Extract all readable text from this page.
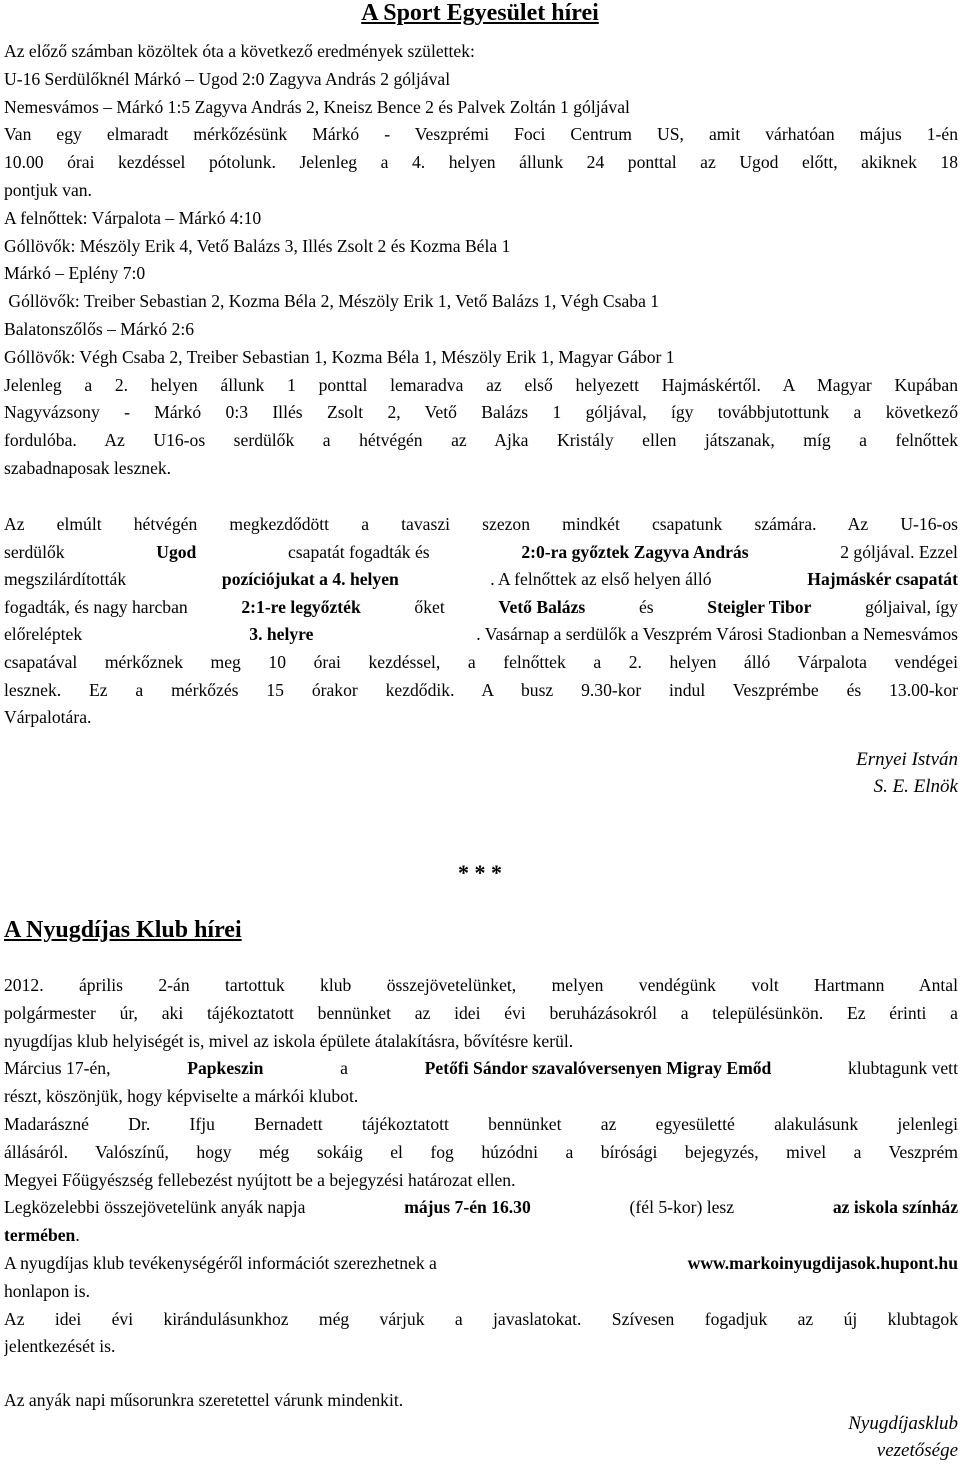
A Sport Egyesület hírei
Az előző számban közöltek óta a következő eredmények születtek:
U-16 Serdülőknél Márkó – Ugod 2:0 Zagyva András 2 góljával
Nemesvámos – Márkó 1:5 Zagyva András 2, Kneisz Bence 2 és Palvek Zoltán 1 góljával
Van egy elmaradt mérkőzésünk Márkó - Veszprémi Foci Centrum US, amit várhatóan május 1-én
10.00 órai kezdéssel pótolunk. Jelenleg a 4. helyen állunk 24 ponttal az Ugod előtt, akiknek 18
pontjuk van.
A felnőttek: Várpalota – Márkó 4:10
Góllövők: Mészöly Erik 4, Vető Balázs 3, Illés Zsolt 2 és Kozma Béla 1
Márkó – Eplény 7:0
Góllövők: Treiber Sebastian 2, Kozma Béla 2, Mészöly Erik 1, Vető Balázs 1, Végh Csaba 1
Balatonszőlős – Márkó 2:6
Góllövők: Végh Csaba 2, Treiber Sebastian 1, Kozma Béla 1, Mészöly Erik 1, Magyar Gábor 1
Jelenleg a 2. helyen állunk 1 ponttal lemaradva az első helyezett Hajmáskértől. A Magyar Kupában
Nagyvázsony - Márkó 0:3 Illés Zsolt 2, Vető Balázs 1 góljával, így továbbjutottunk a következő
fordulóba. Az U16-os serdülők a hétvégén az Ajka Kristály ellen játszanak, míg a felnőttek
szabadnaposak lesznek.
Az elmúlt hétvégén megkezdődött a tavaszi szezon mindkét csapatunk számára. Az U-16-os
serdülők	Ugod	csapatát fogadták és	2:0-ra győztek Zagyva András	2 góljával. Ezzel
megszilárdították	pozíciójukat a 4. helyen	. A felnőttek az első helyen álló	Hajmáskér csapatát
fogadták, és nagy harcban	2:1-re legyőzték	őket	Vető Balázs	és	Steigler Tibor	góljaival, így
előreléptek	3. helyre	. Vasárnap a serdülők a Veszprém Városi Stadionban a Nemesvámos
csapatával mérkőznek meg 10 órai kezdéssel, a felnőttek a 2. helyen álló Várpalota vendégei
lesznek. Ez a mérkőzés 15 órakor kezdődik. A busz 9.30-kor indul Veszprémbe és 13.00-kor
Várpalotára.
Ernyei István
S. E. Elnök
* * *
A Nyugdíjas Klub hírei
2012. április 2-án tartottuk klub összejövetelünket, melyen vendégünk volt Hartmann Antal
polgármester úr, aki tájékoztatott bennünket az idei évi beruházásokról a településünkön. Ez érinti a
nyugdíjas klub helyiségét is, mivel az iskola épülete átalakításra, bővítésre kerül.
Március 17-én,	Papkeszin	a	Petőfi Sándor szavalóversenyen Migray Emőd	klubtagunk vett
részt, köszönjük, hogy képviselte a márkói klubot.
Madarászné Dr. Ifju Bernadett tájékoztatott bennünket az egyesületté alakulásunk jelenlegi
állásáról. Valószínű, hogy még sokáig el fog húzódni a bírósági bejegyzés, mivel a Veszprém
Megyei Főügyészség fellebezést nyújtott be a bejegyzési határozat ellen.
Legközelebbi összejövetelünk anyák napja	május 7-én 16.30	(fél 5-kor) lesz	az iskola színház
termében.
A nyugdíjas klub tevékenységéről információt szerezhetnek a	www.markoinyugdijasok.hupont.hu
honlapon is.
Az idei évi kirándulásunkhoz még várjuk a javaslatokat. Szívesen fogadjuk az új klubtagok
jelentkezését is.
Az anyák napi műsorunkra szeretettel várunk mindenkit.
Nyugdíjasklub
vezetősége
